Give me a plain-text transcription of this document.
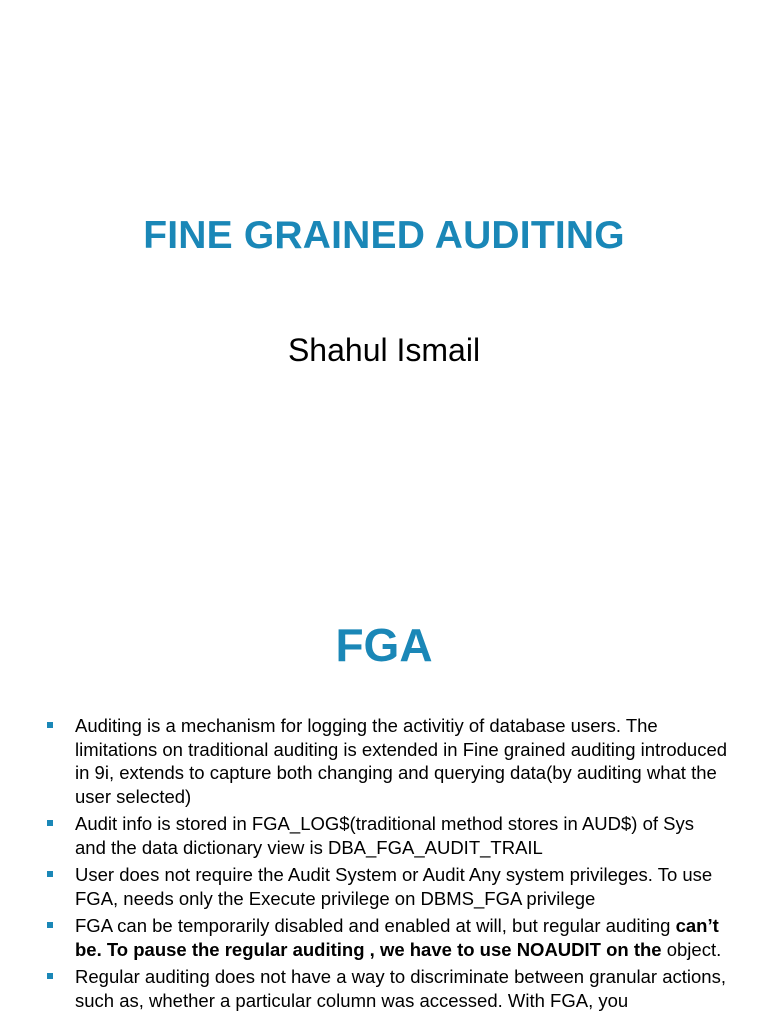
FINE GRAINED AUDITING

Shahul Ismail

FGA
Auditing is a mechanism for logging the activitiy of database users. The limitations on traditional auditing is extended in Fine grained auditing introduced in 9i, extends to capture both changing and querying data(by auditing what the user selected)
Audit info is stored in FGA_LOG$(traditional method stores in AUD$) of Sys and the data dictionary view is DBA_FGA_AUDIT_TRAIL
User does not require the Audit System or Audit Any system privileges. To use FGA, needs only the Execute privilege on DBMS_FGA privilege
FGA can be temporarily disabled and enabled at will, but regular auditing can’t be. To pause the regular auditing , we have to use NOAUDIT on the object.
Regular auditing does not have a way to discriminate between granular actions, such as, whether a particular column was accessed. With FGA, you
